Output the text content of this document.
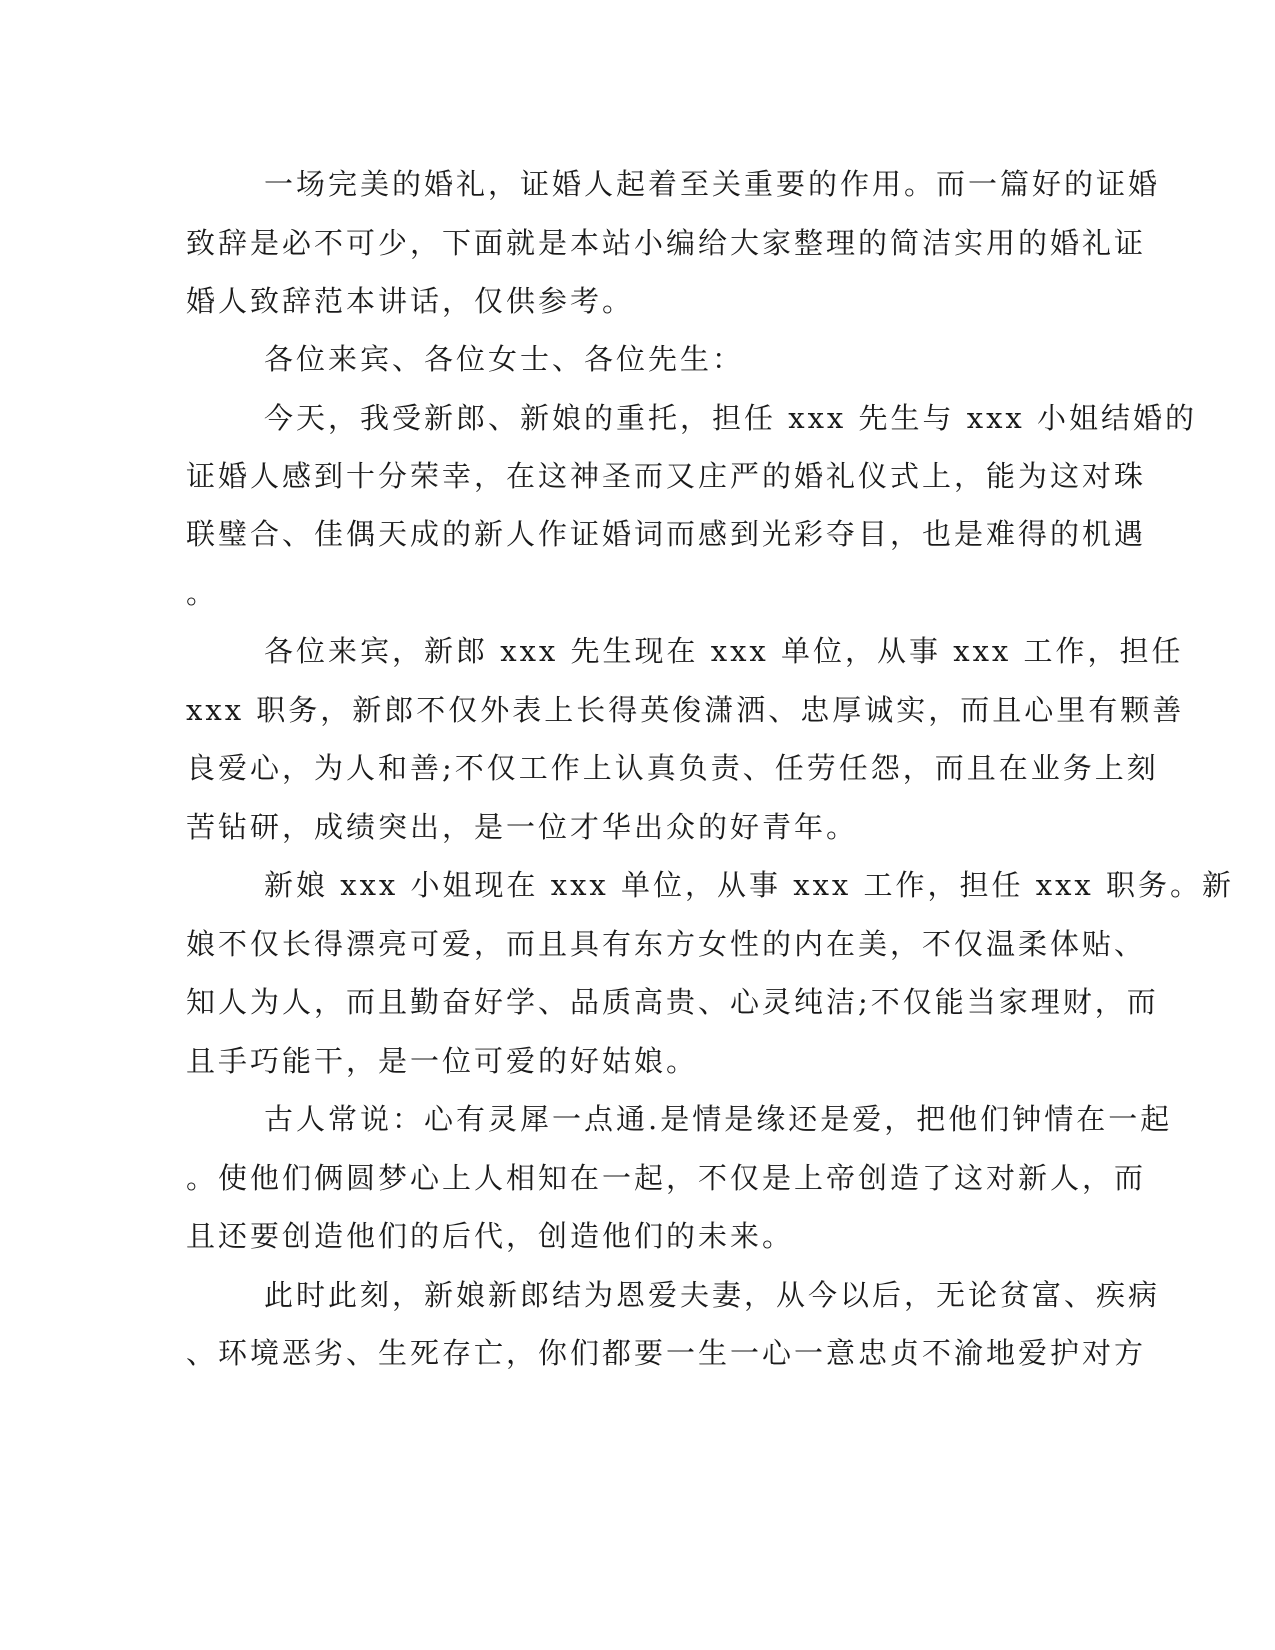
一场完美的婚礼，证婚人起着至关重要的作用。而一篇好的证婚
致辞是必不可少，下面就是本站小编给大家整理的简洁实用的婚礼证
婚人致辞范本讲话，仅供参考。
各位来宾、各位女士、各位先生：
今天，我受新郎、新娘的重托，担任 xxx 先生与 xxx 小姐结婚的
证婚人感到十分荣幸，在这神圣而又庄严的婚礼仪式上，能为这对珠
联璧合、佳偶天成的新人作证婚词而感到光彩夺目，也是难得的机遇
。
各位来宾，新郎 xxx 先生现在 xxx 单位，从事 xxx 工作，担任
xxx 职务，新郎不仅外表上长得英俊潇洒、忠厚诚实，而且心里有颗善
良爱心，为人和善;不仅工作上认真负责、任劳任怨，而且在业务上刻
苦钻研，成绩突出，是一位才华出众的好青年。
新娘 xxx 小姐现在 xxx 单位，从事 xxx 工作，担任 xxx 职务。新
娘不仅长得漂亮可爱，而且具有东方女性的内在美，不仅温柔体贴、
知人为人，而且勤奋好学、品质高贵、心灵纯洁;不仅能当家理财，而
且手巧能干，是一位可爱的好姑娘。
古人常说：心有灵犀一点通.是情是缘还是爱，把他们钟情在一起
。使他们俩圆梦心上人相知在一起，不仅是上帝创造了这对新人，而
且还要创造他们的后代，创造他们的未来。
此时此刻，新娘新郎结为恩爱夫妻，从今以后，无论贫富、疾病
、环境恶劣、生死存亡，你们都要一生一心一意忠贞不渝地爱护对方
